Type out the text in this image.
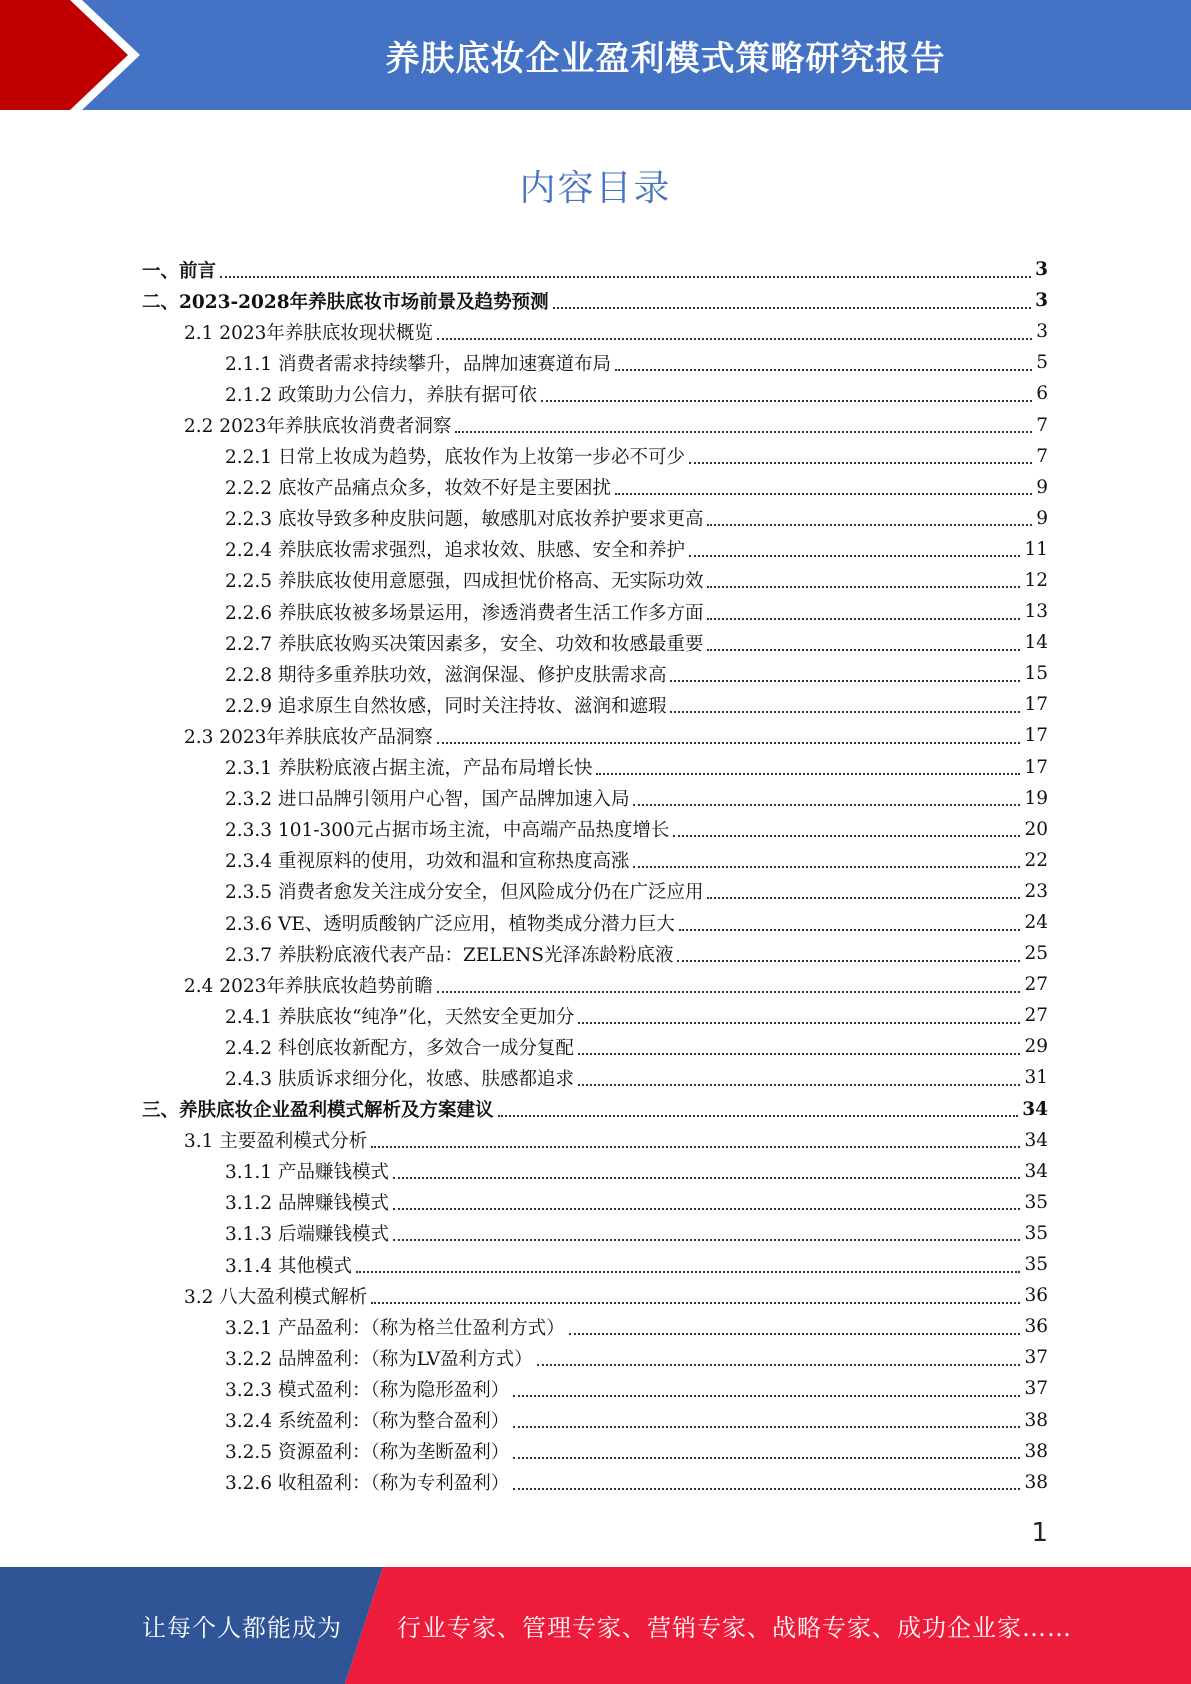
养肤底妆企业盈利模式策略研究报告
内容目录
一、前言	3
二、2023-2028年养肤底妆市场前景及趋势预测	3
2.1 2023年养肤底妆现状概览	3
2.1.1 消费者需求持续攀升，品牌加速赛道布局	5
2.1.2 政策助力公信力，养肤有据可依	6
2.2 2023年养肤底妆消费者洞察	7
2.2.1 日常上妆成为趋势，底妆作为上妆第一步必不可少	7
2.2.2 底妆产品痛点众多，妆效不好是主要困扰	9
2.2.3 底妆导致多种皮肤问题，敏感肌对底妆养护要求更高	9
2.2.4 养肤底妆需求强烈，追求妆效、肤感、安全和养护	11
2.2.5 养肤底妆使用意愿强，四成担忧价格高、无实际功效	12
2.2.6 养肤底妆被多场景运用，渗透消费者生活工作多方面	13
2.2.7 养肤底妆购买决策因素多，安全、功效和妆感最重要	14
2.2.8 期待多重养肤功效，滋润保湿、修护皮肤需求高	15
2.2.9 追求原生自然妆感，同时关注持妆、滋润和遮瑕	17
2.3 2023年养肤底妆产品洞察	17
2.3.1 养肤粉底液占据主流，产品布局增长快	17
2.3.2 进口品牌引领用户心智，国产品牌加速入局	19
2.3.3 101-300元占据市场主流，中高端产品热度增长	20
2.3.4 重视原料的使用，功效和温和宣称热度高涨	22
2.3.5 消费者愈发关注成分安全，但风险成分仍在广泛应用	23
2.3.6 VE、透明质酸钠广泛应用，植物类成分潜力巨大	24
2.3.7 养肤粉底液代表产品：ZELENS光泽冻龄粉底液	25
2.4 2023年养肤底妆趋势前瞻	27
2.4.1 养肤底妆“纯净”化，天然安全更加分	27
2.4.2 科创底妆新配方，多效合一成分复配	29
2.4.3 肤质诉求细分化，妆感、肤感都追求	31
三、养肤底妆企业盈利模式解析及方案建议	34
3.1 主要盈利模式分析	34
3.1.1 产品赚钱模式	34
3.1.2 品牌赚钱模式	35
3.1.3 后端赚钱模式	35
3.1.4 其他模式	35
3.2 八大盈利模式解析	36
3.2.1 产品盈利：（称为格兰仕盈利方式）	36
3.2.2 品牌盈利：（称为LV盈利方式）	37
3.2.3 模式盈利：（称为隐形盈利）	37
3.2.4 系统盈利：（称为整合盈利）	38
3.2.5 资源盈利：（称为垄断盈利）	38
3.2.6 收租盈利：（称为专利盈利）	38
1
让每个人都能成为 行业专家、管理专家、营销专家、战略专家、成功企业家……
